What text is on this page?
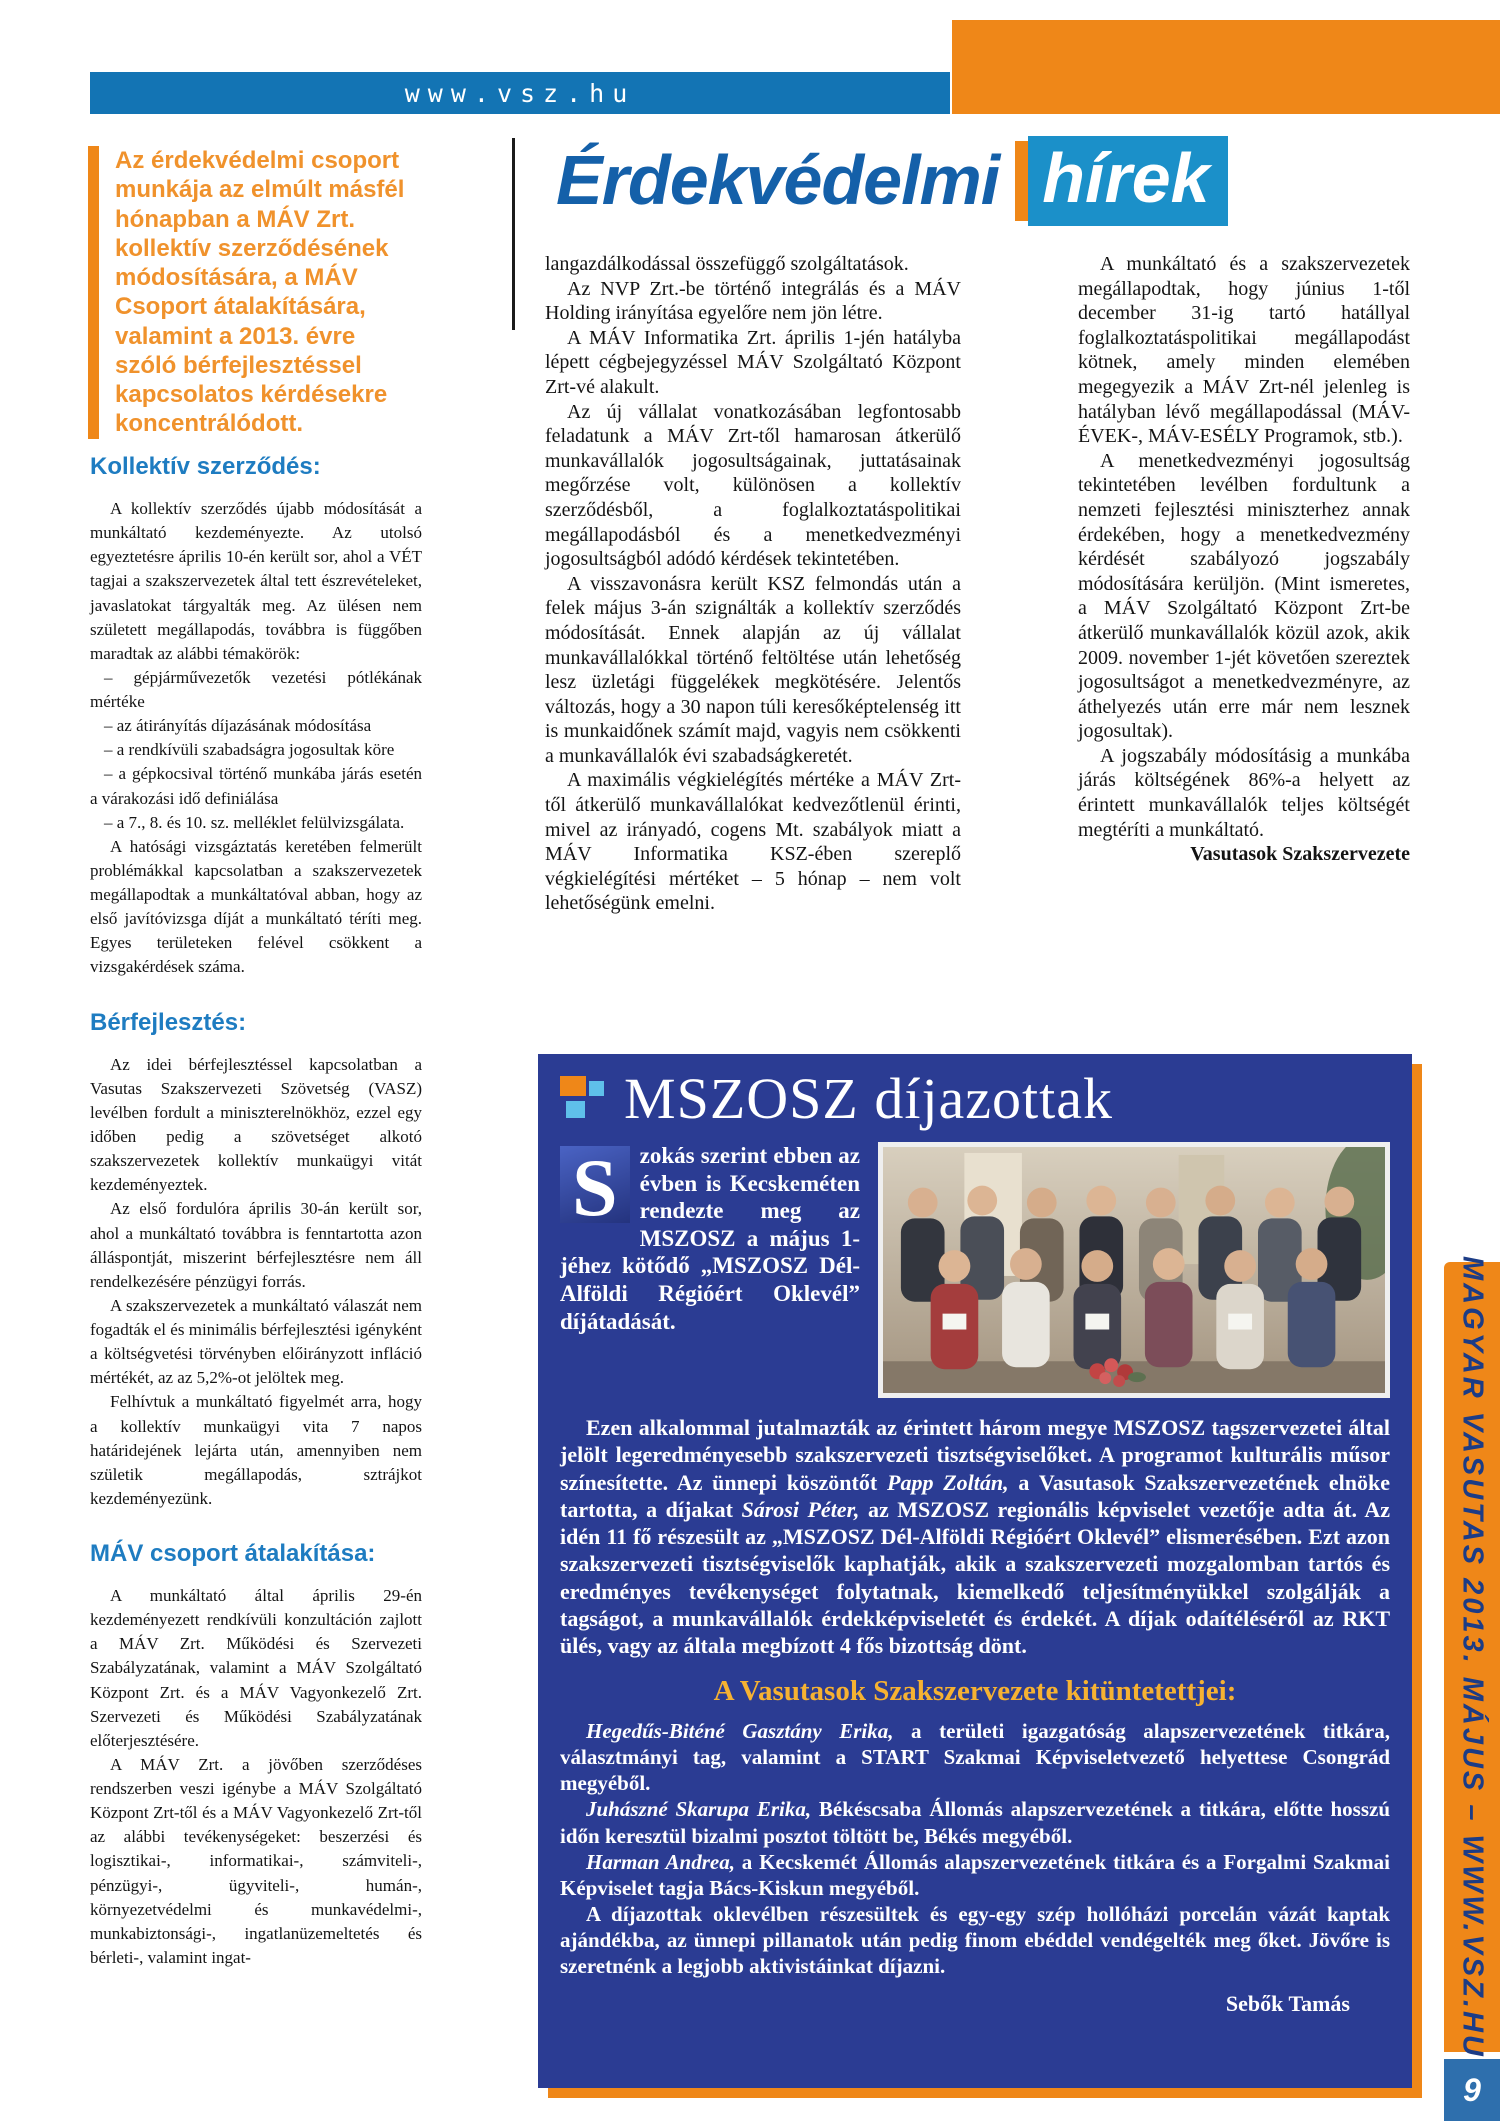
www.vsz.hu
Az érdekvédelmi csoport munkája az elmúlt másfél hónapban a MÁV Zrt. kollektív szerződésének módosítására, a MÁV Csoport átalakítására, valamint a 2013. évre szóló bérfejlesztéssel kapcsolatos kérdésekre koncentrálódott.
Érdekvédelmi hírek
Kollektív szerződés:

A kollektív szerződés újabb módosítását a munkáltató kezdeményezte. Az utolsó egyeztetésre április 10-én került sor, ahol a VÉT tagjai a szakszervezetek által tett észrevételeket, javaslatokat tárgyalták meg. Az ülésen nem született megállapodás, továbbra is függőben maradtak az alábbi témakörök:

– gépjárművezetők vezetési pótlékának mértéke

– az átirányítás díjazásának módosítása

– a rendkívüli szabadságra jogosultak köre

– a gépkocsival történő munkába járás esetén a várakozási idő definiálása

– a 7., 8. és 10. sz. melléklet felülvizsgálata.

A hatósági vizsgáztatás keretében felmerült problémákkal kapcsolatban a szakszervezetek megállapodtak a munkáltatóval abban, hogy az első javítóvizsga díját a munkáltató téríti meg. Egyes területeken felével csökkent a vizsgakérdések száma.

Bérfejlesztés:

Az idei bérfejlesztéssel kapcsolatban a Vasutas Szakszervezeti Szövetség (VASZ) levélben fordult a miniszterelnökhöz, ezzel egy időben pedig a szövetséget alkotó szakszervezetek kollektív munkaügyi vitát kezdeményeztek.

Az első fordulóra április 30-án került sor, ahol a munkáltató továbbra is fenntartotta azon álláspontját, miszerint bérfejlesztésre nem áll rendelkezésére pénzügyi forrás.

A szakszervezetek a munkáltató válaszát nem fogadták el és minimális bérfejlesztési igényként a költségvetési törvényben előirányzott infláció mértékét, az az 5,2%-ot jelöltek meg.

Felhívtuk a munkáltató figyelmét arra, hogy a kollektív munkaügyi vita 7 napos határidejének lejárta után, amennyiben nem születik megállapodás, sztrájkot kezdeményezünk.

MÁV csoport átalakítása:

A munkáltató által április 29-én kezdeményezett rendkívüli konzultáción zajlott a MÁV Zrt. Működési és Szervezeti Szabályzatának, valamint a MÁV Szolgáltató Központ Zrt. és a MÁV Vagyonkezelő Zrt. Szervezeti és Működési Szabályzatának előterjesztésére.

A MÁV Zrt. a jövőben szerződéses rendszerben veszi igénybe a MÁV Szolgáltató Központ Zrt-től és a MÁV Vagyonkezelő Zrt-től az alábbi tevékenységeket: beszerzési és logisztikai-, informatikai-, számviteli-, pénzügyi-, ügyviteli-, humán-, környezetvédelmi és munkavédelmi-, munkabiztonsági-, ingatlanüzemeltetés és bérleti-, valamint ingat-

langazdálkodással összefüggő szolgáltatások.

Az NVP Zrt.-be történő integrálás és a MÁV Holding irányítása egyelőre nem jön létre.

A MÁV Informatika Zrt. április 1-jén hatályba lépett cégbejegyzéssel MÁV Szolgáltató Központ Zrt-vé alakult.

Az új vállalat vonatkozásában legfontosabb feladatunk a MÁV Zrt-től hamarosan átkerülő munkavállalók jogosultságainak, juttatásainak megőrzése volt, különösen a kollektív szerződésből, a foglalkoztatáspolitikai megállapodásból és a menetkedvezményi jogosultságból adódó kérdések tekintetében.

A visszavonásra került KSZ felmondás után a felek május 3-án szignálták a kollektív szerződés módosítását. Ennek alapján az új vállalat munkavállalókkal történő feltöltése után lehetőség lesz üzletági függelékek megkötésére. Jelentős változás, hogy a 30 napon túli keresőképtelenség itt is munkaidőnek számít majd, vagyis nem csökkenti a munkavállalók évi szabadságkeretét.

A maximális végkielégítés mértéke a MÁV Zrt-től átkerülő munkavállalókat kedvezőtlenül érinti, mivel az irányadó, cogens Mt. szabályok miatt a MÁV Informatika KSZ-ében szereplő végkielégítési mértéket – 5 hónap – nem volt lehetőségünk emelni.

A munkáltató és a szakszervezetek megállapodtak, hogy június 1-től december 31-ig tartó hatállyal foglalkoztatáspolitikai megállapodást kötnek, amely minden elemében megegyezik a MÁV Zrt-nél jelenleg is hatályban lévő megállapodással (MÁV-ÉVEK-, MÁV-ESÉLY Programok, stb.).

A menetkedvezményi jogosultság tekintetében levélben fordultunk a nemzeti fejlesztési miniszterhez annak érdekében, hogy a menetkedvezmény kérdését szabályozó jogszabály módosítására kerüljön. (Mint ismeretes, a MÁV Szolgáltató Központ Zrt-be átkerülő munkavállalók közül azok, akik 2009. november 1-jét követően szereztek jogosultságot a menetkedvezményre, az áthelyezés után erre már nem lesznek jogosultak).

A jogszabály módosításig a munkába járás költségének 86%-a helyett az érintett munkavállalók teljes költségét megtéríti a munkáltató.

Vasutasok Szakszervezete

MSZOSZ díjazottak
S zokás szerint ebben az évben is Kecskeméten rendezte meg az MSZOSZ a május 1-jéhez kötődő „MSZOSZ Dél-Alföldi Régióért Oklevél” díjátadását.

Ezen alkalommal jutalmazták az érintett három megye MSZOSZ tagszervezetei által jelölt legeredményesebb szakszervezeti tisztségviselőket. A programot kulturális műsor színesítette. Az ünnepi köszöntőt Papp Zoltán, a Vasutasok Szakszervezetének elnöke tartotta, a díjakat Sárosi Péter, az MSZOSZ regionális képviselet vezetője adta át. Az idén 11 fő részesült az „MSZOSZ Dél-Alföldi Régióért Oklevél” elismerésében. Ezt azon szakszervezeti tisztségviselők kaphatják, akik a szakszervezeti mozgalomban tartós és eredményes tevékenységet folytatnak, kiemelkedő teljesítményükkel szolgálják a tagságot, a munkavállalók érdekképviseletét és érdekét. A díjak odaítéléséről az RKT ülés, vagy az általa megbízott 4 fős bizottság dönt.

A Vasutasok Szakszervezete kitüntetettjei:

Hegedűs-Biténé Gasztány Erika, a területi igazgatóság alapszervezetének titkára, választmányi tag, valamint a START Szakmai Képviseletvezető helyettese Csongrád megyéből.

Juhászné Skarupa Erika, Békéscsaba Állomás alapszervezetének a titkára, előtte hosszú időn keresztül bizalmi posztot töltött be, Békés megyéből.

Harman Andrea, a Kecskemét Állomás alapszervezetének titkára és a Forgalmi Szakmai Képviselet tagja Bács-Kiskun megyéből.

A díjazottak oklevélben részesültek és egy-egy szép hollóházi porcelán vázát kaptak ajándékba, az ünnepi pillanatok után pedig finom ebéddel vendégelték meg őket. Jövőre is szeretnénk a legjobb aktivistáinkat díjazni.

Sebők Tamás	MAGYAR VASUTAS 2013. MÁJUS – WWW.VSZ.HU
9
